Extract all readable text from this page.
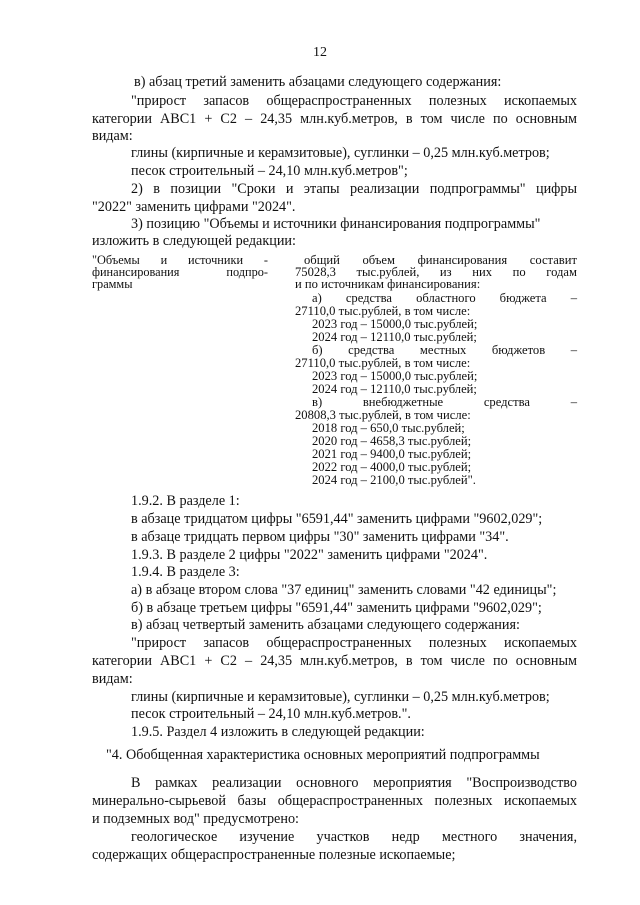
12
в) абзац третий заменить абзацами следующего содержания:
"прирост запасов общераспространенных полезных ископаемых
категории АВС1 + С2 – 24,35 млн.куб.метров, в том числе по основным
видам:
глины (кирпичные и керамзитовые), суглинки – 0,25 млн.куб.метров;
песок строительный – 24,10 млн.куб.метров";
2) в позиции "Сроки и этапы реализации подпрограммы" цифры
"2022" заменить цифрами "2024".
3) позицию "Объемы и источники финансирования подпрограммы"
изложить в следующей редакции:
"Объемы и источники -
финансирования подпро-
граммы
общий объем финансирования составит
75028,3 тыс.рублей, из них по годам
и по источникам финансирования:
а) средства областного бюджета –
27110,0 тыс.рублей, в том числе:
2023 год – 15000,0 тыс.рублей;
2024 год – 12110,0 тыс.рублей;
б) средства местных бюджетов –
27110,0 тыс.рублей, в том числе:
2023 год – 15000,0 тыс.рублей;
2024 год – 12110,0 тыс.рублей;
в) внебюджетные средства –
20808,3 тыс.рублей, в том числе:
2018 год – 650,0 тыс.рублей;
2020 год – 4658,3 тыс.рублей;
2021 год – 9400,0 тыс.рублей;
2022 год – 4000,0 тыс.рублей;
2024 год – 2100,0 тыс.рублей".
1.9.2. В разделе 1:
в абзаце тридцатом цифры "6591,44" заменить цифрами "9602,029";
в абзаце тридцать первом цифры "30" заменить цифрами "34".
1.9.3. В разделе 2 цифры "2022" заменить цифрами "2024".
1.9.4. В разделе 3:
а) в абзаце втором слова "37 единиц" заменить словами "42 единицы";
б) в абзаце третьем цифры "6591,44" заменить цифрами "9602,029";
в) абзац четвертый заменить абзацами следующего содержания:
"прирост запасов общераспространенных полезных ископаемых
категории АВС1 + С2 – 24,35 млн.куб.метров, в том числе по основным
видам:
глины (кирпичные и керамзитовые), суглинки – 0,25 млн.куб.метров;
песок строительный – 24,10 млн.куб.метров.".
1.9.5. Раздел 4 изложить в следующей редакции:
"4. Обобщенная характеристика основных мероприятий подпрограммы
В рамках реализации основного мероприятия "Воспроизводство
минерально-сырьевой базы общераспространенных полезных ископаемых
и подземных вод" предусмотрено:
геологическое изучение участков недр местного значения,
содержащих общераспространенные полезные ископаемые;
